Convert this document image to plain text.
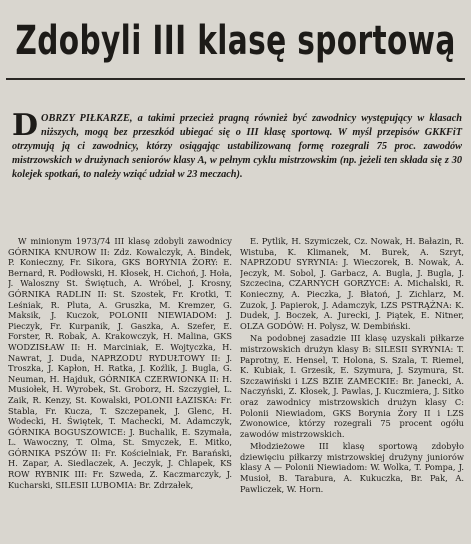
Zdobyli III klasę sportową
D OBRZY PIŁKARZE, a takimi przecież pragną również być zawodnicy występujący w klasach niższych, mogą bez przeszkód ubiegać się o III klasę sportową. W myśl przepisów GKKFiT otrzymują ją ci zawodnicy, którzy osiągając ustabilizowaną formę rozegrali 75 proc. zawodów mistrzowskich w drużynach seniorów klasy A, w pełnym cyklu mistrzowskim (np. jeżeli ten składa się z 30 kolejek spotkań, to należy wziąć udział w 23 meczach).

W minionym 1973/74 III klasę zdobyli zawodnicy GÓRNIKA KNUROW II: Zdz. Kowalczyk, A. Bindek, P. Konieczny, Fr. Sikora, GKS BORYNIA ŻORY: E. Bernard, R. Podłowski, H. Kłosek, H. Cichoń, J. Hoła, J. Waloszny St. Świętuch, A. Wróbel, J. Krosny, GÓRNIKA RADLIN II: St. Szostek, Fr. Krotki, T. Leśniak, R. Pluta, A. Gruszka, M. Kremzer, G. Maksik, J. Kuczok, POLONII NIEWIADOM: J. Pieczyk, Fr. Kurpanik, J. Gaszka, A. Szefer, E. Forster, R. Robak, A. Krakowczyk, H. Malina, GKS WODZISŁAW II: H. Marciniak, E. Wojtyczka, H. Nawrat, J. Duda, NAPRZODU RYDUŁTOWY II: J. Troszka, J. Kapłon, H. Ratka, J. Koźlik, J. Bugla, G. Neuman, H. Hajduk, GÓRNIKA CZERWIONKA II: H. Musiołek, H. Wyrobek, St. Groborz, H. Szczygieł, L. Zaik, R. Kenzy, St. Kowalski, POLONII ŁAZISKA: Fr. Stabla, Fr. Kucza, T. Szczepanek, J. Glenc, H. Wodecki, H. Świętek, T. Machecki, M. Adamczyk, GÓRNIKA BOGUSZOWICE: J. Buchalik, E. Szymała, L. Wawoczny, T. Olma, St. Smyczek, E. Mitko, GÓRNIKA PSZÓW II: Fr. Kościelniak, Fr. Barański, H. Zapar, A. Siedlaczek, A. Jeczyk, J. Chlapek, KS ROW RYBNIK III: Fr. Szweda, Z. Kaczmarczyk, J. Kucharski, SILESII LUBOMIA: Br. Zdrzałek,

E. Pytlik, H. Szymiczek, Cz. Nowak, H. Bałazin, R. Wistuba, K. Klimanek, M. Burek, A. Szryt, NAPRZODU SYRYNIA: J. Wieczorek, B. Nowak, A. Jeczyk, M. Sobol, J. Garbacz, A. Bugla, J. Bugla, J. Szczecina, CZARNYCH GORZYCE: A. Michalski, R. Konieczny, A. Pieczka, J. Błatoń, J. Zichlarz, M. Zuzok, J. Papierok, J. Adamczyk, LZS PSTRĄŻNA: K. Dudek, J. Boczek, A. Jurecki, J. Piątek, E. Nitner, OLZA GODÓW: H. Polysz, W. Dembiński.

Na podobnej zasadzie III klasę uzyskali piłkarze mistrzowskich drużyn klasy B: SILESII SYRYNIA: T. Paprotny, E. Hensel, T. Holona, S. Szala, T. Riemel, K. Kubiak, I. Grzesik, E. Szymura, J. Szymura, St. Szczawiński i LZS BZIE ZAMECKIE: Br. Janecki, A. Naczyński, Z. Kłosek, J. Pawlas, J. Kuczmiera, J. Sitko oraz zawodnicy mistrzowskich drużyn klasy C: Polonii Niewiadom, GKS Borynia Żory II i LZS Zwonowice, którzy rozegrali 75 procent ogółu zawodów mistrzowskich.

Młodzieżowe III klasę sportową zdobyło dziewięciu piłkarzy mistrzowskiej drużyny juniorów klasy A — Polonii Niewiadom: W. Wolka, T. Pompa, J. Musioł, B. Tarabura, A. Kukuczka, Br. Pak, A. Pawliczek, W. Horn.
